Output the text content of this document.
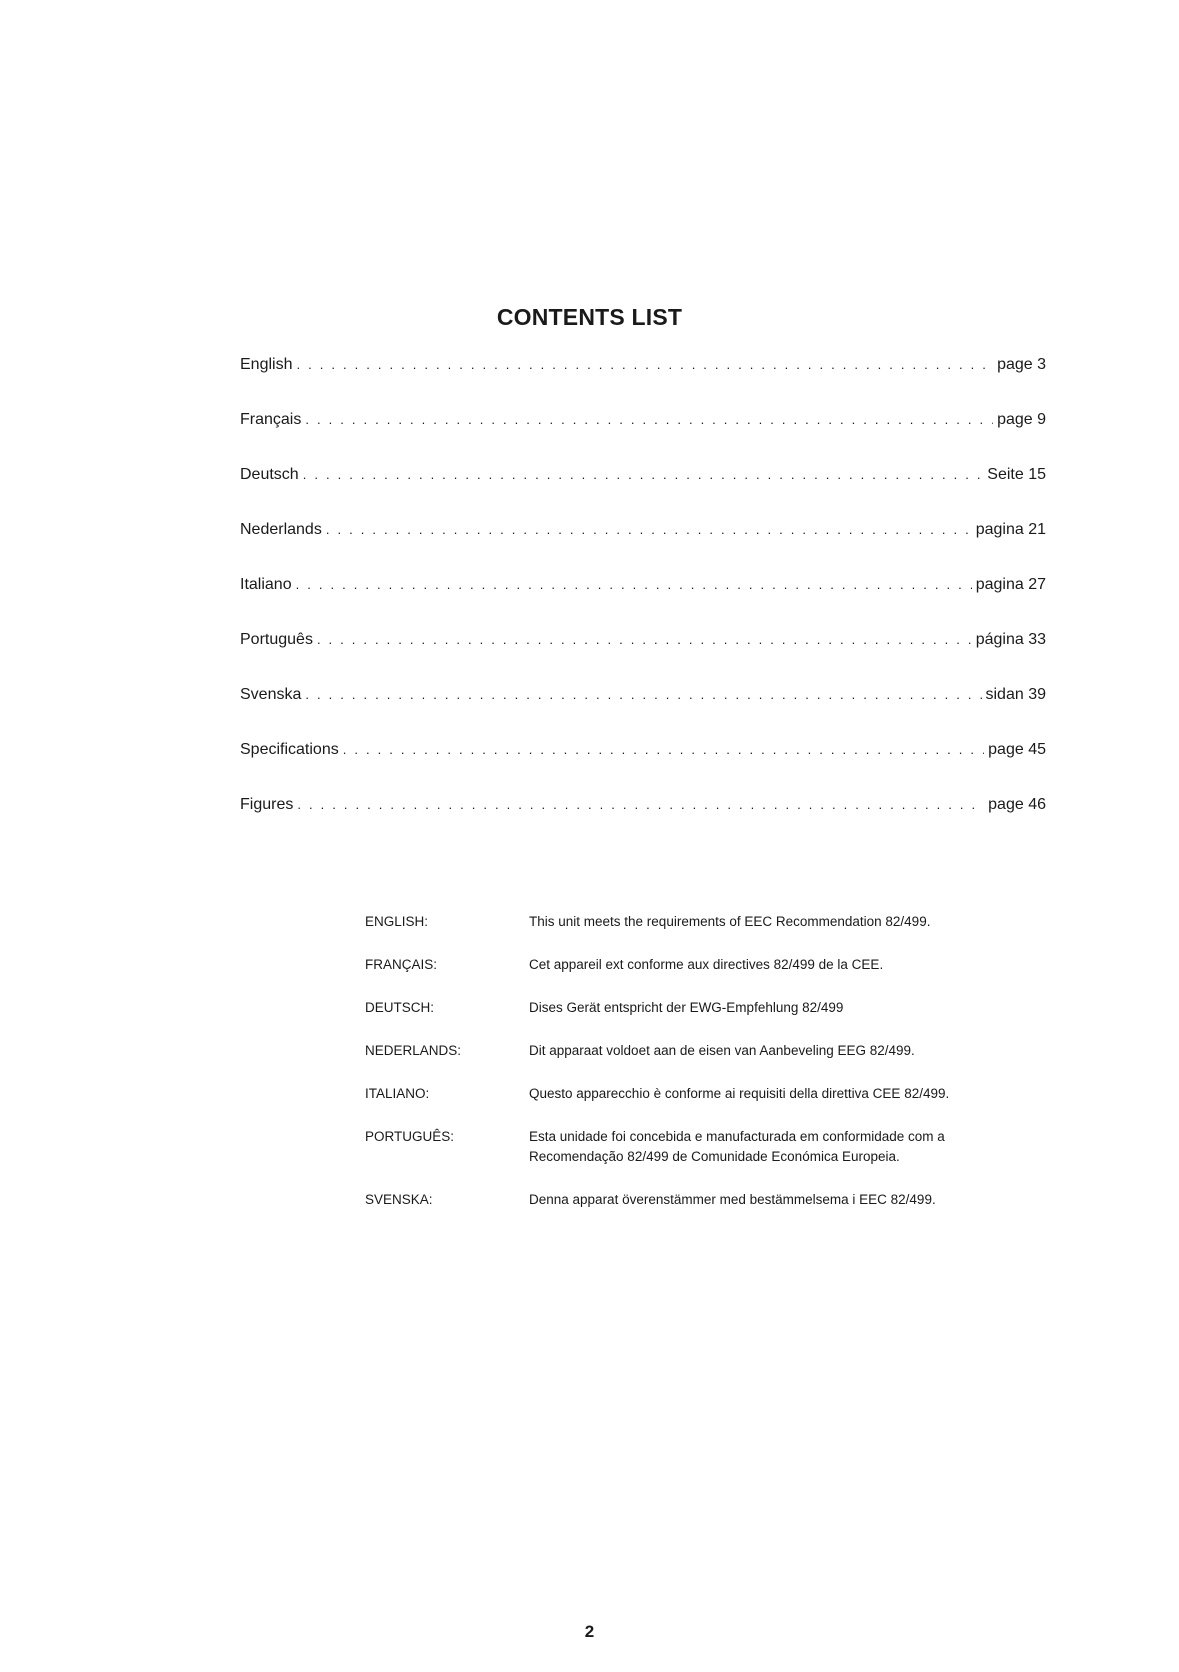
CONTENTS LIST
English . . .	page 3
Français . . .	page 9
Deutsch . . .	Seite 15
Nederlands . . .	pagina 21
Italiano . . .	pagina 27
Português . . .	página 33
Svenska . . .	sidan 39
Specifications . . .	page 45
Figures . . .	page 46
ENGLISH:	This unit meets the requirements of EEC Recommendation 82/499.
FRANÇAIS:	Cet appareil ext conforme aux directives 82/499 de la CEE.
DEUTSCH:	Dises Gerät entspricht der EWG-Empfehlung 82/499
NEDERLANDS:	Dit apparaat voldoet aan de eisen van Aanbeveling EEG 82/499.
ITALIANO:	Questo apparecchio è conforme ai requisiti della direttiva CEE 82/499.
PORTUGUÊS:	Esta unidade foi concebida e manufacturada em conformidade com a Recomendação 82/499 de Comunidade Económica Europeia.
SVENSKA:	Denna apparat överenstämmer med bestämmelsema i EEC 82/499.
2
